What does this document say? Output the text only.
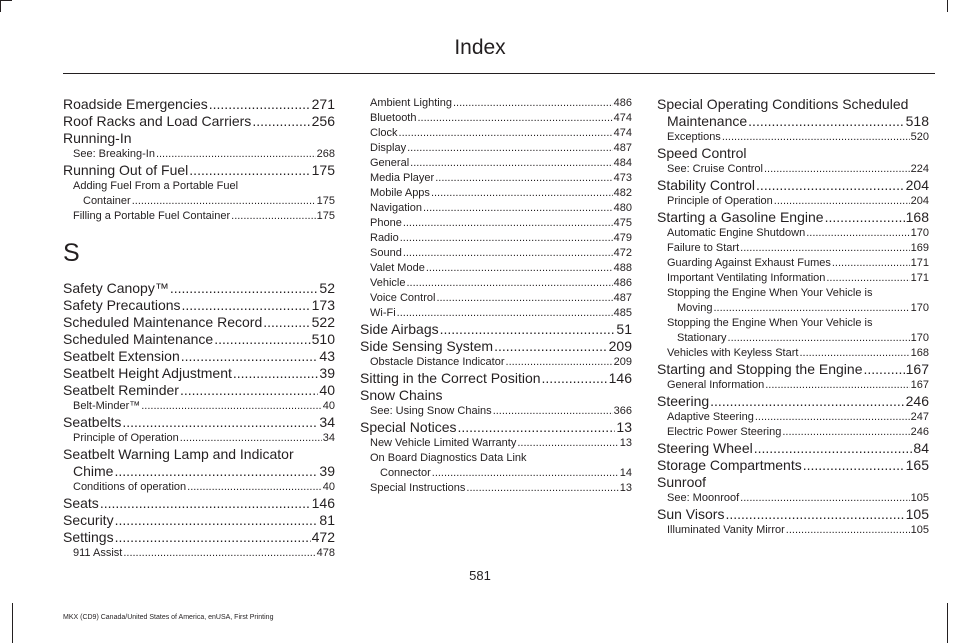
Index
Roadside Emergencies .....	271
Roof Racks and Load Carriers .....	256
Running-In
See: Breaking-In .....	268
Running Out of Fuel .....	175
Adding Fuel From a Portable Fuel
Container .....	175
Filling a Portable Fuel Container .....	175
S
Safety Canopy™ .....	52
Safety Precautions .....	173
Scheduled Maintenance Record .....	522
Scheduled Maintenance .....	510
Seatbelt Extension .....	43
Seatbelt Height Adjustment .....	39
Seatbelt Reminder .....	40
Belt-Minder™ .....	40
Seatbelts .....	34
Principle of Operation .....	34
Seatbelt Warning Lamp and Indicator
Chime .....	39
Conditions of operation .....	40
Seats .....	146
Security .....	81
Settings .....	472
911 Assist .....	478
Ambient Lighting .....	486
Bluetooth .....	474
Clock .....	474
Display .....	487
General .....	484
Media Player .....	473
Mobile Apps .....	482
Navigation .....	480
Phone .....	475
Radio .....	479
Sound .....	472
Valet Mode .....	488
Vehicle .....	486
Voice Control .....	487
Wi-Fi .....	485
Side Airbags .....	51
Side Sensing System .....	209
Obstacle Distance Indicator .....	209
Sitting in the Correct Position .....	146
Snow Chains
See: Using Snow Chains .....	366
Special Notices .....	13
New Vehicle Limited Warranty .....	13
On Board Diagnostics Data Link
Connector .....	14
Special Instructions .....	13
Special Operating Conditions Scheduled
Maintenance .....	518
Exceptions .....	520
Speed Control
See: Cruise Control .....	224
Stability Control .....	204
Principle of Operation .....	204
Starting a Gasoline Engine .....	168
Automatic Engine Shutdown .....	170
Failure to Start .....	169
Guarding Against Exhaust Fumes .....	171
Important Ventilating Information .....	171
Stopping the Engine When Your Vehicle is
Moving .....	170
Stopping the Engine When Your Vehicle is
Stationary .....	170
Vehicles with Keyless Start .....	168
Starting and Stopping the Engine .....	167
General Information .....	167
Steering .....	246
Adaptive Steering .....	247
Electric Power Steering .....	246
Steering Wheel .....	84
Storage Compartments .....	165
Sunroof
See: Moonroof .....	105
Sun Visors .....	105
Illuminated Vanity Mirror .....	105
581
MKX (CD9) Canada/United States of America, enUSA, First Printing
